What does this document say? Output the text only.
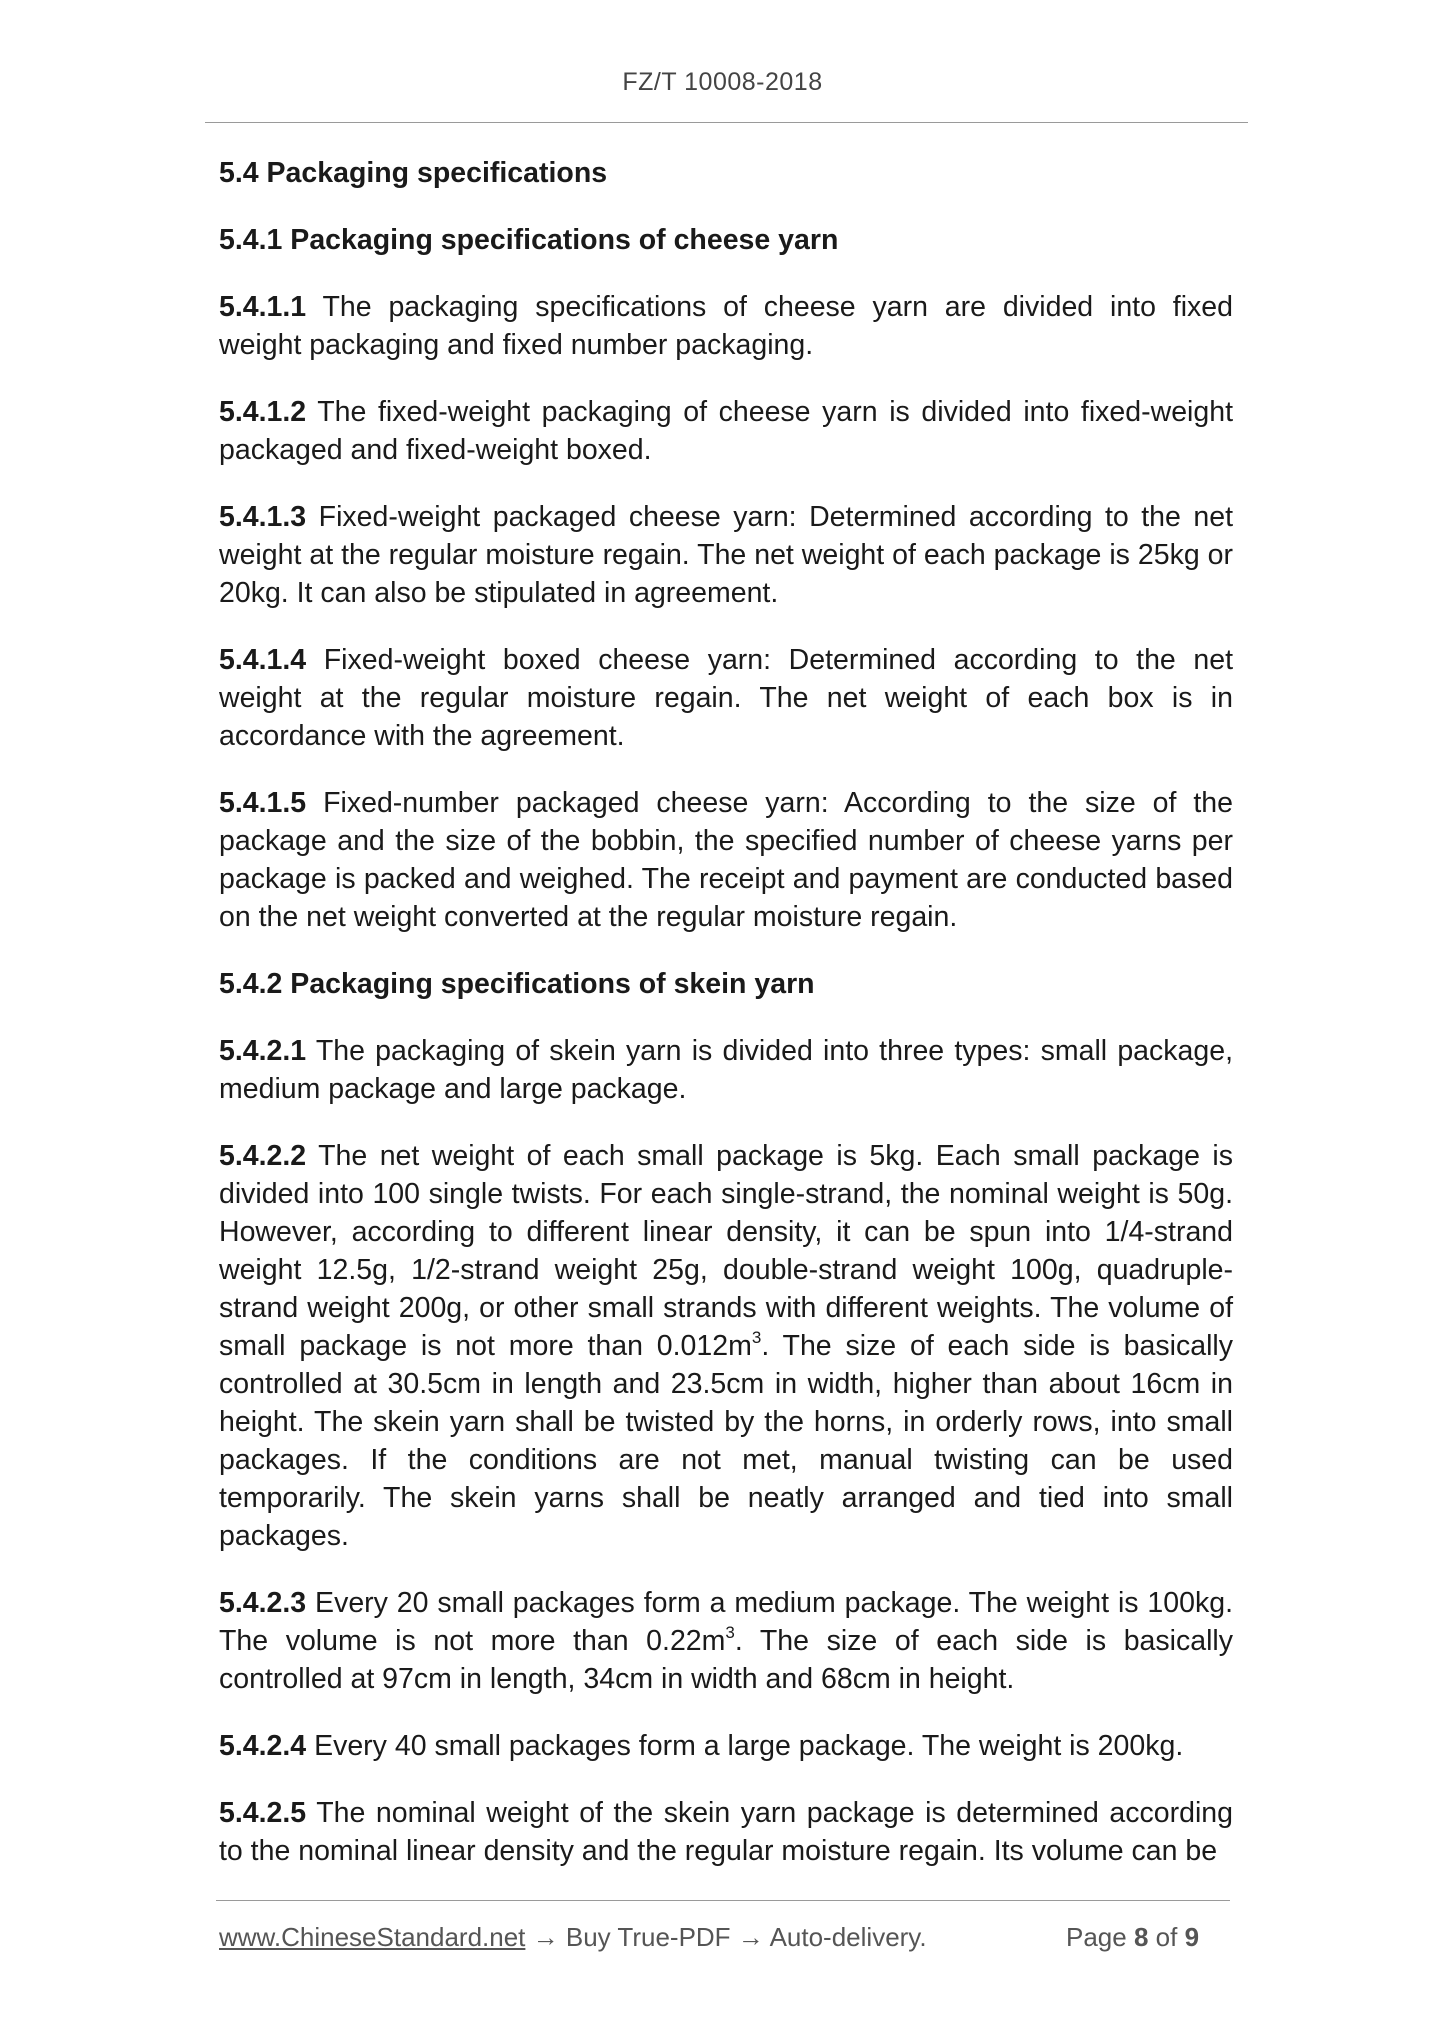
FZ/T 10008-2018
5.4 Packaging specifications
5.4.1 Packaging specifications of cheese yarn

5.4.1.1 The packaging specifications of cheese yarn are divided into fixed weight packaging and fixed number packaging.

5.4.1.2 The fixed-weight packaging of cheese yarn is divided into fixed-weight packaged and fixed-weight boxed.

5.4.1.3 Fixed-weight packaged cheese yarn: Determined according to the net weight at the regular moisture regain. The net weight of each package is 25kg or 20kg. It can also be stipulated in agreement.

5.4.1.4 Fixed-weight boxed cheese yarn: Determined according to the net weight at the regular moisture regain. The net weight of each box is in accordance with the agreement.

5.4.1.5 Fixed-number packaged cheese yarn: According to the size of the package and the size of the bobbin, the specified number of cheese yarns per package is packed and weighed. The receipt and payment are conducted based on the net weight converted at the regular moisture regain.

5.4.2 Packaging specifications of skein yarn

5.4.2.1 The packaging of skein yarn is divided into three types: small package, medium package and large package.

5.4.2.2 The net weight of each small package is 5kg. Each small package is divided into 100 single twists. For each single-strand, the nominal weight is 50g. However, according to different linear density, it can be spun into 1/4-strand weight 12.5g, 1/2-strand weight 25g, double-strand weight 100g, quadruple-strand weight 200g, or other small strands with different weights. The volume of small package is not more than $0.012m^3$. The size of each side is basically controlled at 30.5cm in length and 23.5cm in width, higher than about 16cm in height. The skein yarn shall be twisted by the horns, in orderly rows, into small packages. If the conditions are not met, manual twisting can be used temporarily. The skein yarns shall be neatly arranged and tied into small packages.

5.4.2.3 Every 20 small packages form a medium package. The weight is 100kg. The volume is not more than $0.22m^3$. The size of each side is basically controlled at 97cm in length, 34cm in width and 68cm in height.

5.4.2.4 Every 40 small packages form a large package. The weight is 200kg.

5.4.2.5 The nominal weight of the skein yarn package is determined according to the nominal linear density and the regular moisture regain. Its volume can be

www.ChineseStandard.net → Buy True-PDF → Auto-delivery.	Page 8 of 9
